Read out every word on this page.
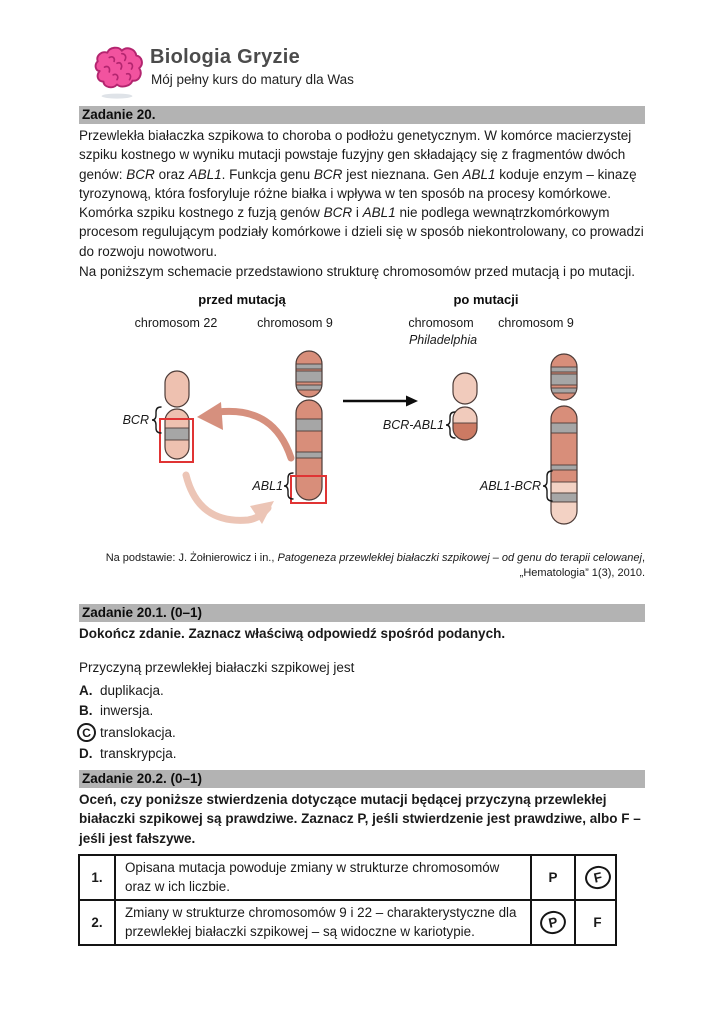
Biologia Gryzie
Mój pełny kurs do matury dla Was
Zadanie 20.
Przewlekła białaczka szpikowa to choroba o podłożu genetycznym. W komórce macierzystej szpiku kostnego w wyniku mutacji powstaje fuzyjny gen składający się z fragmentów dwóch genów: BCR oraz ABL1. Funkcja genu BCR jest nieznana. Gen ABL1 koduje enzym – kinazę tyrozynową, która fosforyluje różne białka i wpływa w ten sposób na procesy komórkowe. Komórka szpiku kostnego z fuzją genów BCR i ABL1 nie podlega wewnątrzkomórkowym procesom regulującym podziały komórkowe i dzieli się w sposób niekontrolowany, co prowadzi do rozwoju nowotworu.
Na poniższym schemacie przedstawiono strukturę chromosomów przed mutacją i po mutacji.
przed mutacją	po mutacji
chromosom 22	chromosom 9	chromosom
Philadelphia
chromosom 9
BCR
ABL1
BCR-ABL1
ABL1-BCR
Na podstawie: J. Żołnierowicz i in., Patogeneza przewlekłej białaczki szpikowej – od genu do terapii celowanej, „Hematologia” 1(3), 2010.
Zadanie 20.1. (0–1)
Dokończ zdanie. Zaznacz właściwą odpowiedź spośród podanych.
Przyczyną przewlekłej białaczki szpikowej jest
A. duplikacja.
B. inwersja.
C translokacja.
D. transkrypcja.
Zadanie 20.2. (0–1)
Oceń, czy poniższe stwierdzenia dotyczące mutacji będącej przyczyną przewlekłej białaczki szpikowej są prawdziwe. Zaznacz P, jeśli stwierdzenie jest prawdziwe, albo F – jeśli jest fałszywe.
1.
Opisana mutacja powoduje zmiany w strukturze chromosomów oraz w ich liczbie.
P	F
2.
Zmiany w strukturze chromosomów 9 i 22 – charakterystyczne dla przewlekłej białaczki szpikowej – są widoczne w kariotypie.
P	F
